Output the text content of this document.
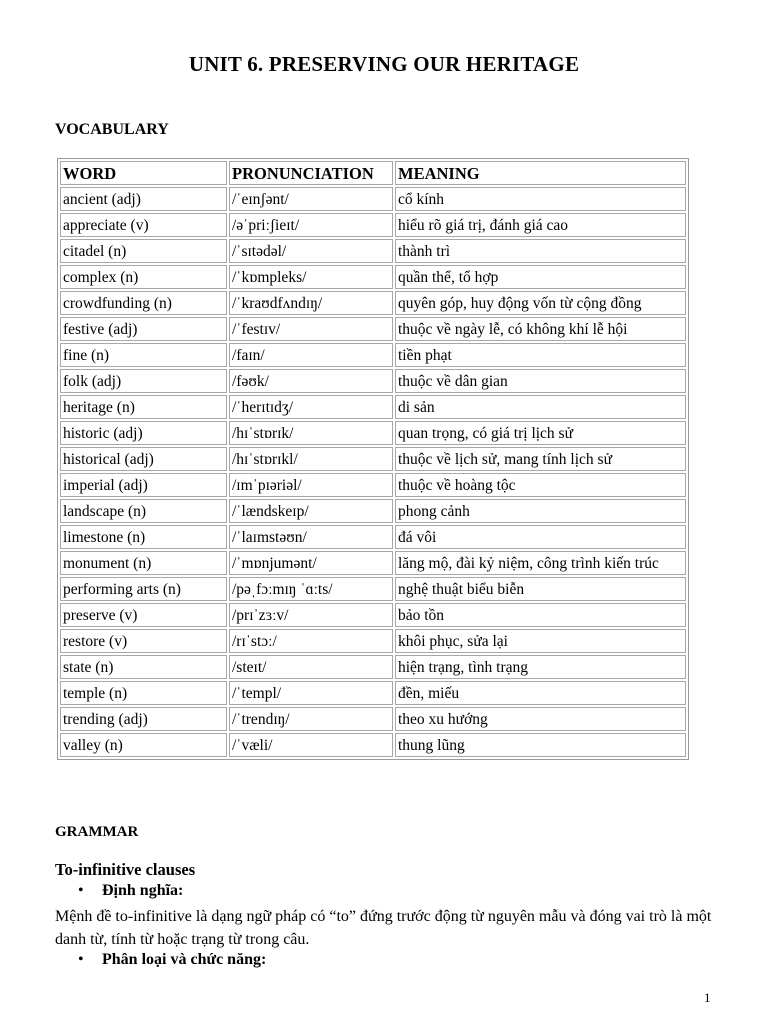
UNIT 6. PRESERVING OUR HERITAGE
VOCABULARY
WORD	PRONUNCIATION	MEANING
ancient (adj)	/ˈeɪnʃənt/	cổ kính
appreciate (v)	/əˈpriːʃieɪt/	hiểu rõ giá trị, đánh giá cao
citadel (n)	/ˈsɪtədəl/	thành trì
complex (n)	/ˈkɒmpleks/	quần thể, tổ hợp
crowdfunding (n)	/ˈkraʊdfʌndɪŋ/	quyên góp, huy động vốn từ cộng đồng
festive (adj)	/ˈfestɪv/	thuộc về ngày lễ, có không khí lễ hội
fine (n)	/faɪn/	tiền phạt
folk (adj)	/fəʊk/	thuộc về dân gian
heritage (n)	/ˈherɪtɪdʒ/	di sản
historic (adj)	/hɪˈstɒrɪk/	quan trọng, có giá trị lịch sử
historical (adj)	/hɪˈstɒrɪkl/	thuộc về lịch sử, mang tính lịch sử
imperial (adj)	/ɪmˈpɪəriəl/	thuộc về hoàng tộc
landscape (n)	/ˈlændskeɪp/	phong cảnh
limestone (n)	/ˈlaɪmstəʊn/	đá vôi
monument (n)	/ˈmɒnjumənt/	lăng mộ, đài kỷ niệm, công trình kiến trúc
performing arts (n)	/pəˌfɔːmɪŋ ˈɑːts/	nghệ thuật biểu biễn
preserve (v)	/prɪˈzɜːv/	bảo tồn
restore (v)	/rɪˈstɔː/	khôi phục, sửa lại
state (n)	/steɪt/	hiện trạng, tình trạng
temple (n)	/ˈtempl/	đền, miếu
trending (adj)	/ˈtrendɪŋ/	theo xu hướng
valley (n)	/ˈvæli/	thung lũng
GRAMMAR
To-infinitive clauses
• Định nghĩa:
Mệnh đề to-infinitive là dạng ngữ pháp có “to” đứng trước động từ nguyên mẫu và đóng vai trò là một danh từ, tính từ hoặc trạng từ trong câu.
• Phân loại và chức năng:
1
